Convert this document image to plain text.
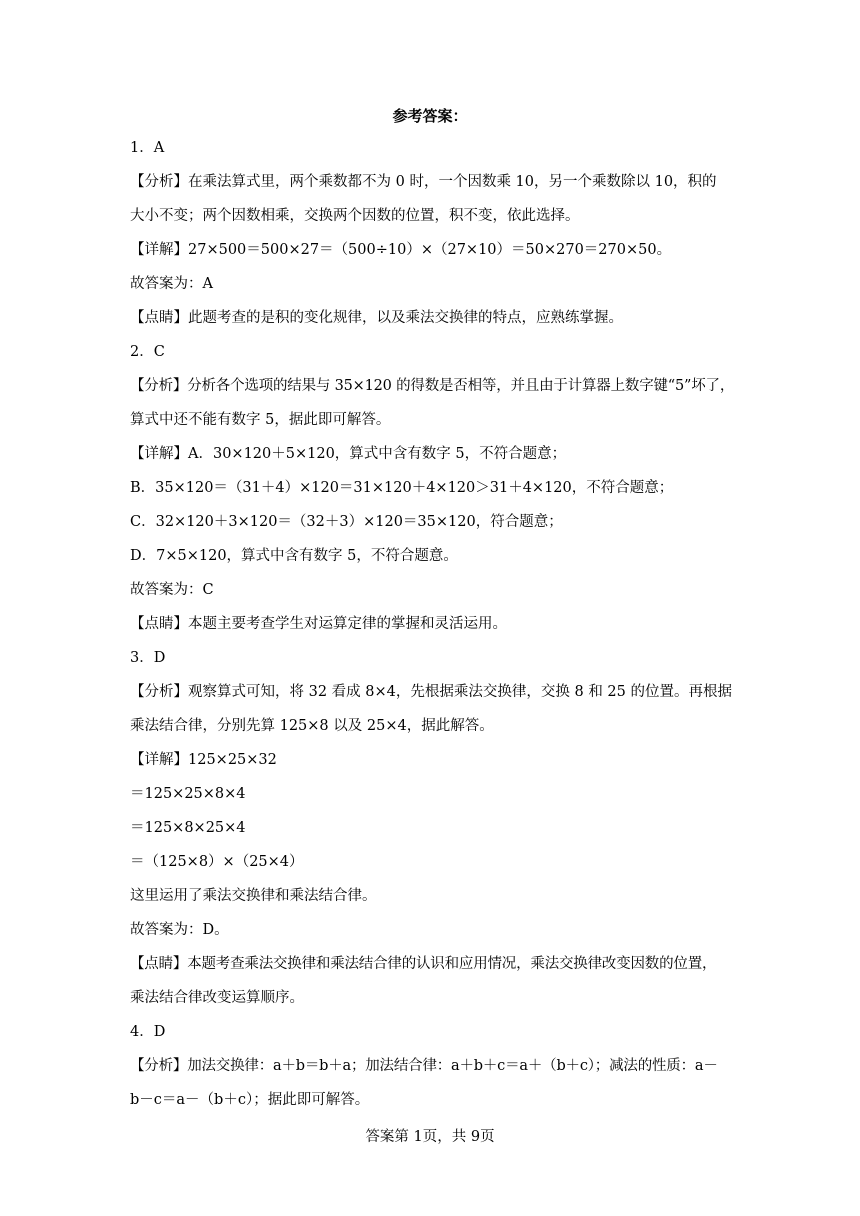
参考答案：
1．A
【分析】在乘法算式里，两个乘数都不为 0 时，一个因数乘 10，另一个乘数除以 10，积的
大小不变；两个因数相乘，交换两个因数的位置，积不变，依此选择。
【详解】27×500＝500×27＝（500÷10）×（27×10）＝50×270＝270×50。
故答案为：A
【点睛】此题考查的是积的变化规律，以及乘法交换律的特点，应熟练掌握。
2．C
【分析】分析各个选项的结果与 35×120 的得数是否相等，并且由于计算器上数字键“5”坏了，
算式中还不能有数字 5，据此即可解答。
【详解】A．30×120＋5×120，算式中含有数字 5，不符合题意；
B．35×120＝（31＋4）×120＝31×120＋4×120＞31＋4×120，不符合题意；
C．32×120＋3×120＝（32＋3）×120＝35×120，符合题意；
D．7×5×120，算式中含有数字 5，不符合题意。
故答案为：C
【点睛】本题主要考查学生对运算定律的掌握和灵活运用。
3．D
【分析】观察算式可知，将 32 看成 8×4，先根据乘法交换律，交换 8 和 25 的位置。再根据
乘法结合律，分别先算 125×8 以及 25×4，据此解答。
【详解】125×25×32
＝125×25×8×4
＝125×8×25×4
＝（125×8）×（25×4）
这里运用了乘法交换律和乘法结合律。
故答案为：D。
【点睛】本题考查乘法交换律和乘法结合律的认识和应用情况，乘法交换律改变因数的位置，
乘法结合律改变运算顺序。
4．D
【分析】加法交换律：a＋b＝b＋a；加法结合律：a＋b＋c＝a＋（b＋c）；减法的性质：a－
b－c＝a－（b＋c）；据此即可解答。
答案第 1页，共 9页
